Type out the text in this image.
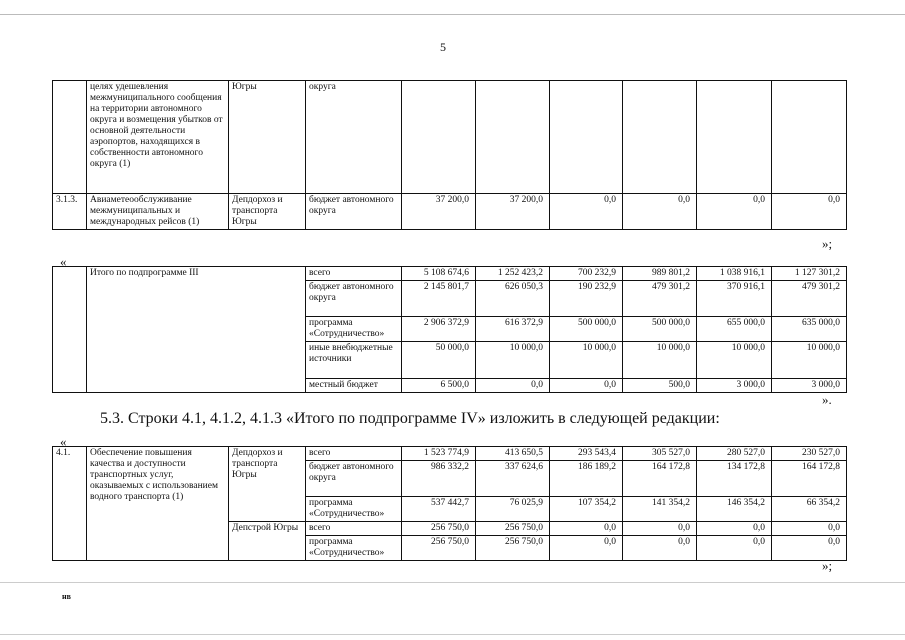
5
	целях удешевления межмуниципального сообщения на территории автономного округа и возмещения убытков от основной деятельности аэропортов, находящихся в собственности автономного округа (1)	Югры	округа						
3.1.3.	Авиаметеообслуживание межмуниципальных и международных рейсов (1)	Депдорхоз и транспорта Югры	бюджет автономного округа	37 200,0	37 200,0	0,0	0,0	0,0	0,0
»;
«
	Итого по подпрограмме III	всего	5 108 674,6	1 252 423,2	700 232,9	989 801,2	1 038 916,1	1 127 301,2
		бюджет автономного округа	2 145 801,7	626 050,3	190 232,9	479 301,2	370 916,1	479 301,2
		программа «Сотрудничество»	2 906 372,9	616 372,9	500 000,0	500 000,0	655 000,0	635 000,0
		иные внебюджетные источники	50 000,0	10 000,0	10 000,0	10 000,0	10 000,0	10 000,0
		местный бюджет	6 500,0	0,0	0,0	500,0	3 000,0	3 000,0
».
5.3. Строки 4.1, 4.1.2, 4.1.3 «Итого по подпрограмме IV» изложить в следующей редакции:
«
4.1.	Обеспечение повышения качества и доступности транспортных услуг, оказываемых с использованием водного транспорта (1)	Депдорхоз и транспорта Югры	всего	1 523 774,9	413 650,5	293 543,4	305 527,0	280 527,0	230 527,0
			бюджет автономного округа	986 332,2	337 624,6	186 189,2	164 172,8	134 172,8	164 172,8
			программа «Сотрудничество»	537 442,7	76 025,9	107 354,2	141 354,2	146 354,2	66 354,2
		Депстрой Югры	всего	256 750,0	256 750,0	0,0	0,0	0,0	0,0
			программа «Сотрудничество»	256 750,0	256 750,0	0,0	0,0	0,0	0,0
»;
нв
